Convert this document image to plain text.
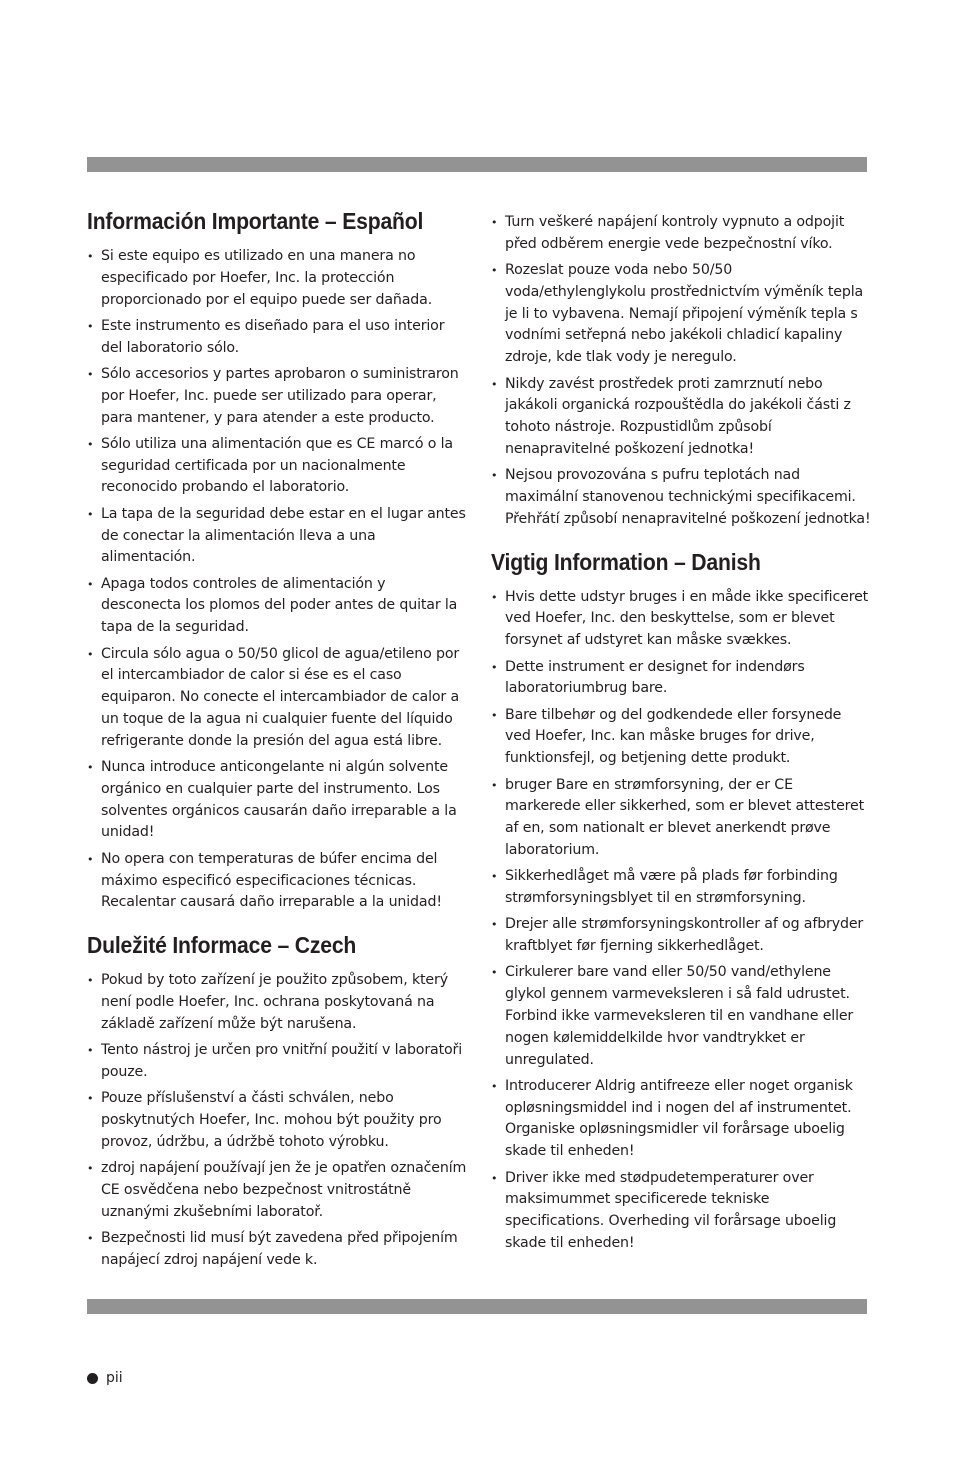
Información Importante – Español
• Si este equipo es utilizado en una manera no especificado por Hoefer, Inc. la protección proporcionado por el equipo puede ser dañada.
• Este instrumento es diseñado para el uso interior del laboratorio sólo.
• Sólo accesorios y partes aprobaron o suministraron por Hoefer, Inc. puede ser utilizado para operar, para mantener, y para atender a este producto.
• Sólo utiliza una alimentación que es CE marcó o la seguridad certificada por un nacionalmente reconocido probando el laboratorio.
• La tapa de la seguridad debe estar en el lugar antes de conectar la alimentación lleva a una alimentación.
• Apaga todos controles de alimentación y desconecta los plomos del poder antes de quitar la tapa de la seguridad.
• Circula sólo agua o 50/50 glicol de agua/etileno por el intercambiador de calor si ése es el caso equiparon. No conecte el intercambiador de calor a un toque de la agua ni cualquier fuente del líquido refrigerante donde la presión del agua está libre.
• Nunca introduce anticongelante ni algún solvente orgánico en cualquier parte del instrumento. Los solventes orgánicos causarán daño irreparable a la unidad!
• No opera con temperaturas de búfer encima del máximo especificó especificaciones técnicas. Recalentar causará daño irreparable a la unidad!
Duležité Informace – Czech
• Pokud by toto zařízení je použito způsobem, který není podle Hoefer, Inc. ochrana poskytovaná na základě zařízení může být narušena.
• Tento nástroj je určen pro vnitřní použití v laboratoři pouze.
• Pouze příslušenství a části schválen, nebo poskytnutých Hoefer, Inc. mohou být použity pro provoz, údržbu, a údržbě tohoto výrobku.
• zdroj napájení používají jen že je opatřen označením CE osvědčena nebo bezpečnost vnitrostátně uznanými zkušebními laboratoř.
• Bezpečnosti lid musí být zavedena před připojením napájecí zdroj napájení vede k.
• Turn veškeré napájení kontroly vypnuto a odpojit před odběrem energie vede bezpečnostní víko.
• Rozeslat pouze voda nebo 50/50 voda/ethylenglykolu prostřednictvím výměník tepla je li to vybavena. Nemají připojení výměník tepla s vodními setřepná nebo jakékoli chladicí kapaliny zdroje, kde tlak vody je neregulo.
• Nikdy zavést prostředek proti zamrznutí nebo jakákoli organická rozpouštědla do jakékoli části z tohoto nástroje. Rozpustidlům způsobí nenapravitelné poškození jednotka!
• Nejsou provozována s pufru teplotách nad maximální stanovenou technickými specifikacemi. Přehřátí způsobí nenapravitelné poškození jednotka!
Vigtig Information – Danish
• Hvis dette udstyr bruges i en måde ikke specificeret ved Hoefer, Inc. den beskyttelse, som er blevet forsynet af udstyret kan måske svækkes.
• Dette instrument er designet for indendørs laboratoriumbrug bare.
• Bare tilbehør og del godkendede eller forsynede ved Hoefer, Inc. kan måske bruges for drive, funktionsfejl, og betjening dette produkt.
• bruger Bare en strømforsyning, der er CE markerede eller sikkerhed, som er blevet attesteret af en, som nationalt er blevet anerkendt prøve laboratorium.
• Sikkerhedlåget må være på plads før forbinding strømforsyningsblyet til en strømforsyning.
• Drejer alle strømforsyningskontroller af og afbryder kraftblyet før fjerning sikkerhedlåget.
• Cirkulerer bare vand eller 50/50 vand/ethylene glykol gennem varmeveksleren i så fald udrustet. Forbind ikke varmeveksleren til en vandhane eller nogen kølemiddelkilde hvor vandtrykket er unregulated.
• Introducerer Aldrig antifreeze eller noget organisk opløsningsmiddel ind i nogen del af instrumentet. Organiske opløsningsmidler vil forårsage uboelig skade til enheden!
• Driver ikke med stødpudetemperaturer over maksimummet specificerede tekniske specifications. Overheding vil forårsage uboelig skade til enheden!
pii
